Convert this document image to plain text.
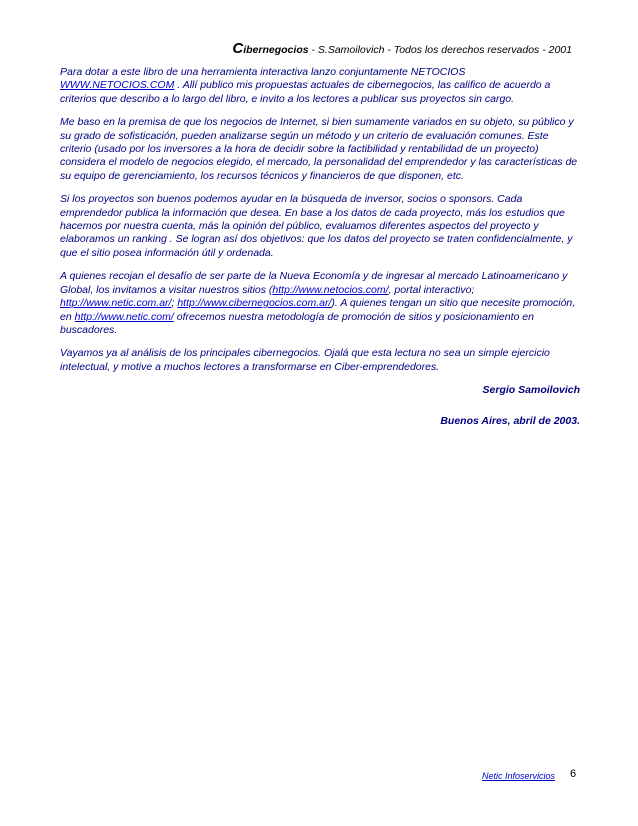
Cibernegocios - S.Samoilovich - Todos los derechos reservados - 2001

Para dotar a este libro de una herramienta interactiva lanzo conjuntamente NETOCIOS WWW.NETOCIOS.COM . Allí publico mis propuestas actuales de cibernegocios, las califico de acuerdo a criterios que describo a lo largo del libro, e invito a los lectores a publicar sus proyectos sin cargo.

Me baso en la premisa de que los negocios de Internet, si bien sumamente variados en su objeto, su público y su grado de sofisticación, pueden analizarse según un método y un criterio de evaluación comunes. Este criterio (usado por los inversores a la hora de decidir sobre la factibilidad y rentabilidad de un proyecto) considera el modelo de negocios elegido, el mercado, la personalidad del emprendedor y las características de su equipo de gerenciamiento, los recursos técnicos y financieros de que disponen, etc.

Si los proyectos son buenos podemos ayudar en la búsqueda de inversor, socios o sponsors. Cada emprendedor publica la información que desea. En base a los datos de cada proyecto, más los estudios que hacemos por nuestra cuenta, más la opinión del público, evaluamos diferentes aspectos del proyecto y elaboramos un ranking . Se logran así dos objetivos: que los datos del proyecto se traten confidencialmente, y que el sitio posea información útil y ordenada.

A quienes recojan el desafío de ser parte de la Nueva Economía y de ingresar al mercado Latinoamericano y Global, los invitamos a visitar nuestros sitios (http://www.netocios.com/, portal interactivo; http://www.netic.com.ar/; http://www.cibernegocios.com.ar/). A quienes tengan un sitio que necesite promoción, en http://www.netic.com/ ofrecemos nuestra metodología de promoción de sitios y posicionamiento en buscadores.

Vayamos ya al análisis de los principales cibernegocios. Ojalá que esta lectura no sea un simple ejercicio intelectual, y motive a muchos lectores a transformarse en Ciber-emprendedores.

Sergio Samoilovich
Buenos Aires, abril de 2003.
Netic Infoservicios 6
